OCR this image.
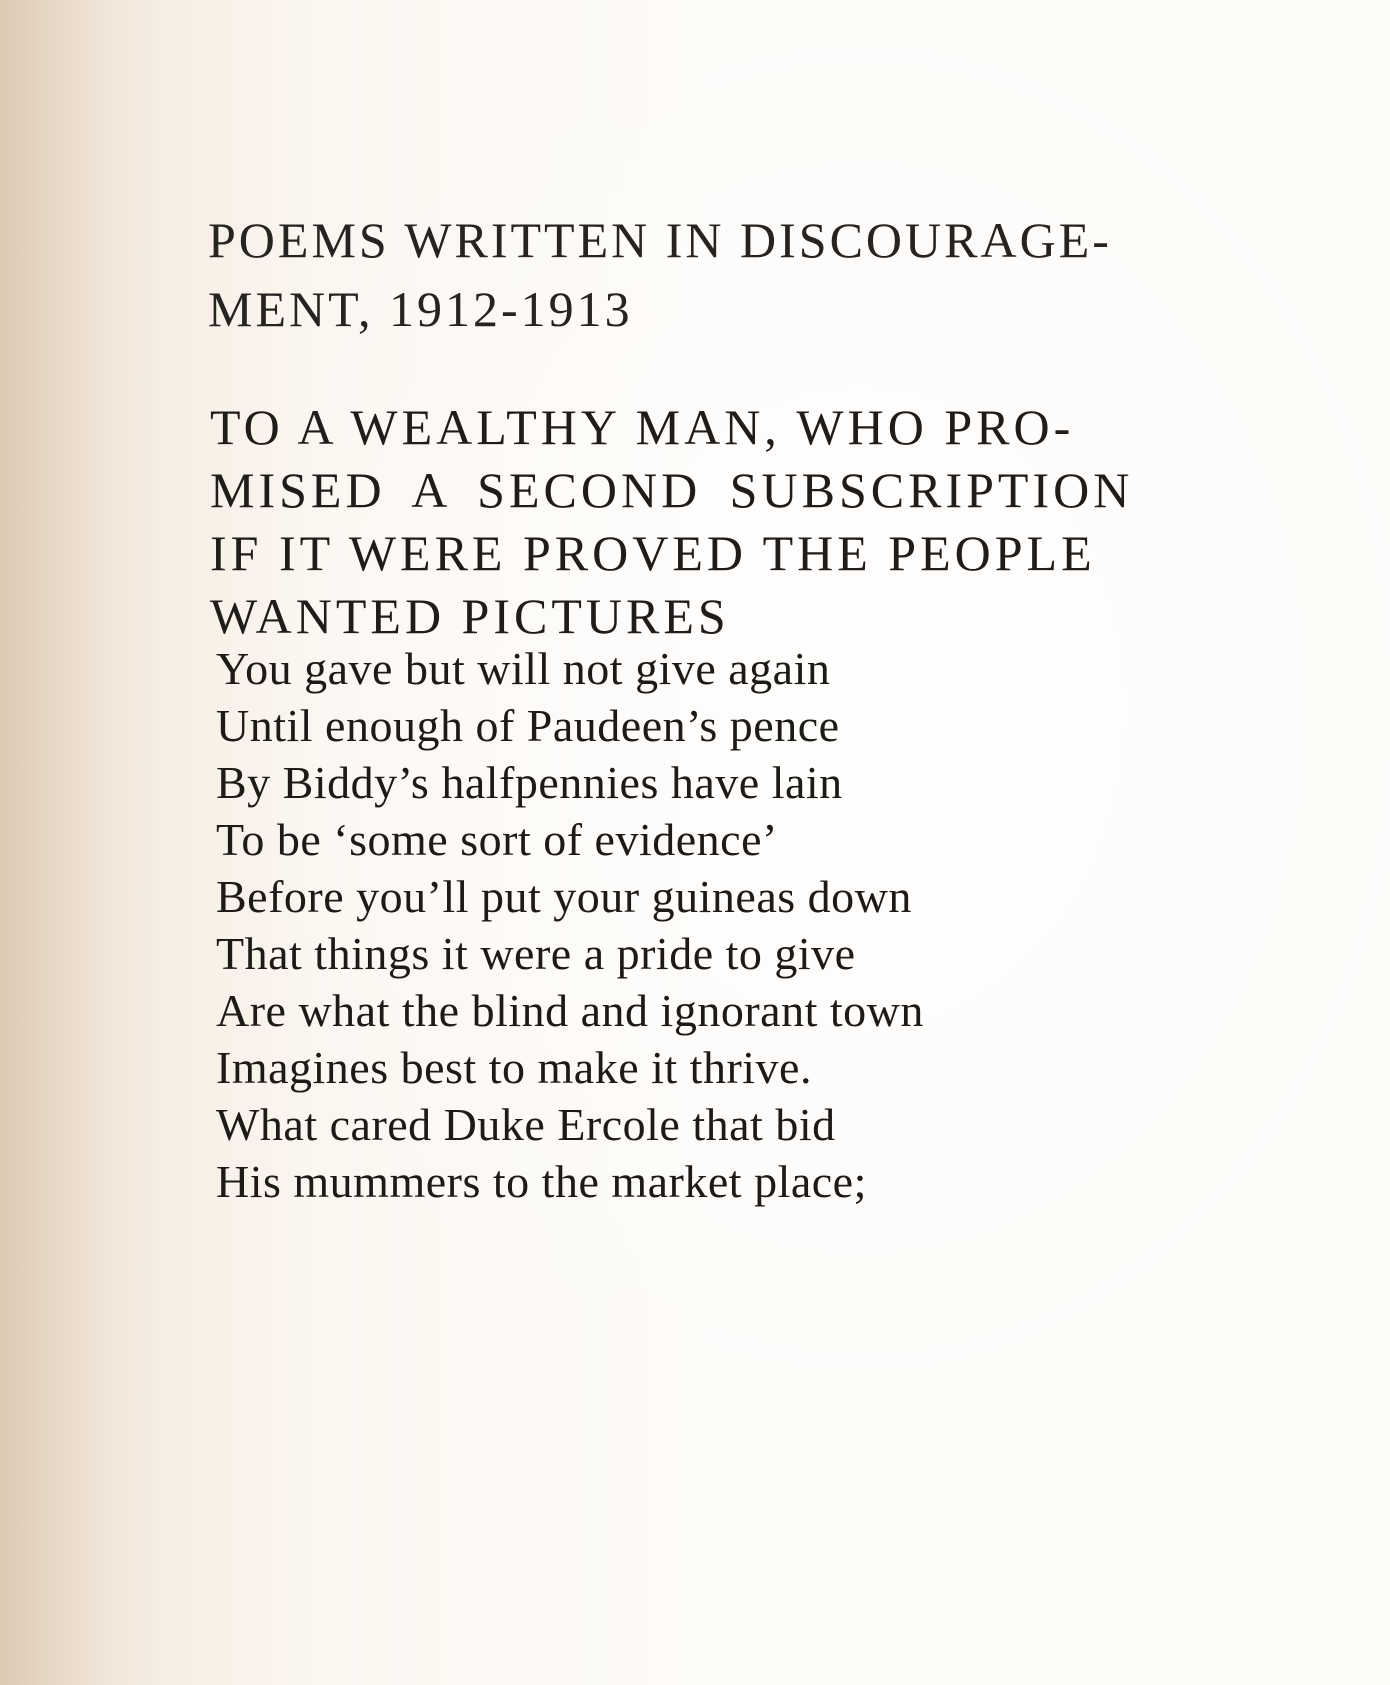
POEMS WRITTEN IN DISCOURAGE-
MENT, 1912-1913
TO A WEALTHY MAN, WHO PRO-
MISED A SECOND SUBSCRIPTION
IF IT WERE PROVED THE PEOPLE
WANTED PICTURES
You gave but will not give again
Until enough of Paudeen’s pence
By Biddy’s halfpennies have lain
To be ‘some sort of evidence’
Before you’ll put your guineas down
That things it were a pride to give
Are what the blind and ignorant town
Imagines best to make it thrive.
What cared Duke Ercole that bid
His mummers to the market place;
